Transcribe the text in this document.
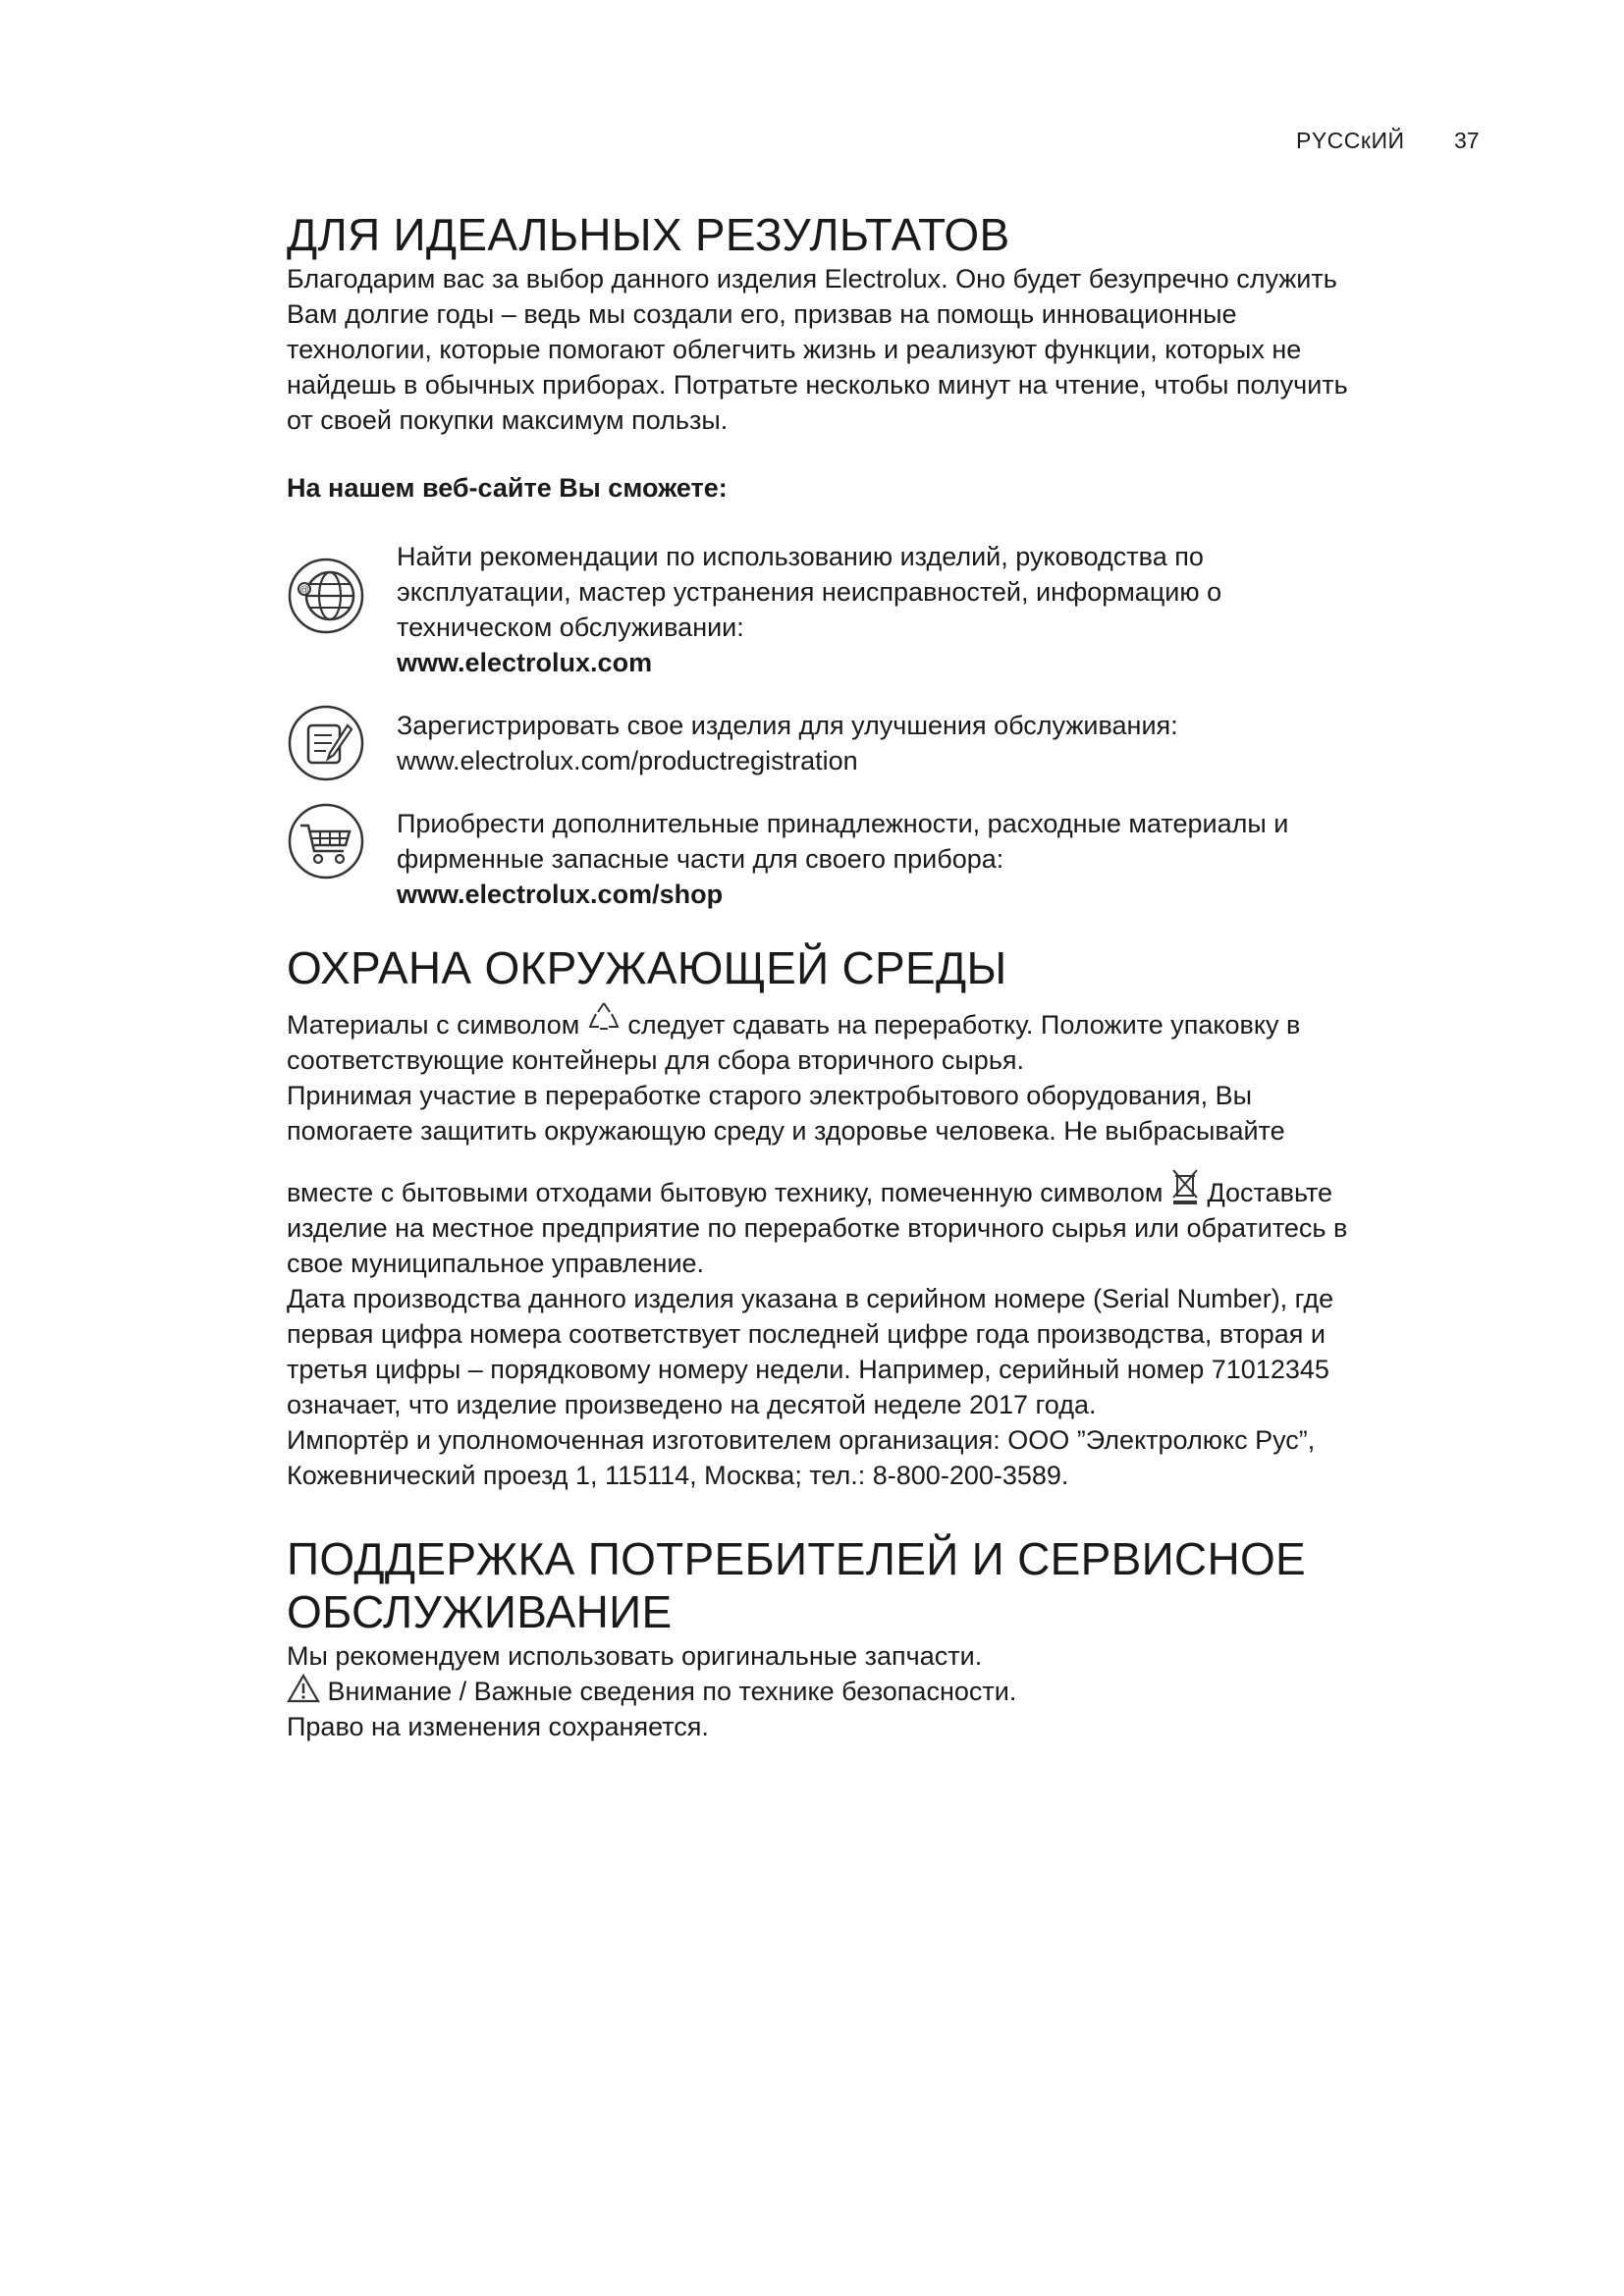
PYCCкИЙ 37
ДЛЯ ИДЕАЛЬНЫХ РЕЗУЛЬТАТОВ

Благодарим вас за выбор данного изделия Electrolux. Оно будет безупречно служить

Вам долгие годы – ведь мы создали его, призвав на помощь инновационные

технологии, которые помогают облегчить жизнь и реализуют функции, которых не

найдешь в обычных приборах. Потратьте несколько минут на чтение, чтобы получить

от своей покупки максимум пользы.

На нашем веб-сайте Вы сможете:
@
Найти рекомендации по использованию изделий, руководства по
эксплуатации, мастер устранения неисправностей, информацию о
техническом обслуживании:
www.electrolux.com
Зарегистрировать свое изделия для улучшения обслуживания:
www.electrolux.com/productregistration
Приобрести дополнительные принадлежности, расходные материалы и
фирменные запасные части для своего прибора:
www.electrolux.com/shop
ОХРАНА ОКРУЖАЮЩЕЙ СРЕДЫ

Материалы с символом  следует сдавать на переработку. Положите упаковку в

соответствующие контейнеры для сбора вторичного сырья.

Принимая участие в переработке старого электробытового оборудования, Вы

помогаете защитить окружающую среду и здоровье человека. Не выбрасывайте

вместе с бытовыми отходами бытовую технику, помеченную символом  Доставьте

изделие на местное предприятие по переработке вторичного сырья или обратитесь в

свое муниципальное управление.

Дата производства данного изделия указана в серийном номере (Serial Number), где

первая цифра номера соответствует последней цифре года производства, вторая и

третья цифры – порядковому номеру недели. Например, серийный номер 71012345

означает, что изделие произведено на десятой неделе 2017 года.

Импортёр и уполномоченная изготовителем организация: ООО ”Электролюкс Рус”,

Кожевнический проезд 1, 115114, Москва; тел.: 8-800-200-3589.

ПОДДЕРЖКА ПОТРЕБИТЕЛЕЙ И СЕРВИСНОЕ
ОБСЛУЖИВАНИЕ

Мы рекомендуем использовать оригинальные запчасти.

Внимание / Важные сведения по технике безопасности.

Право на изменения сохраняется.
